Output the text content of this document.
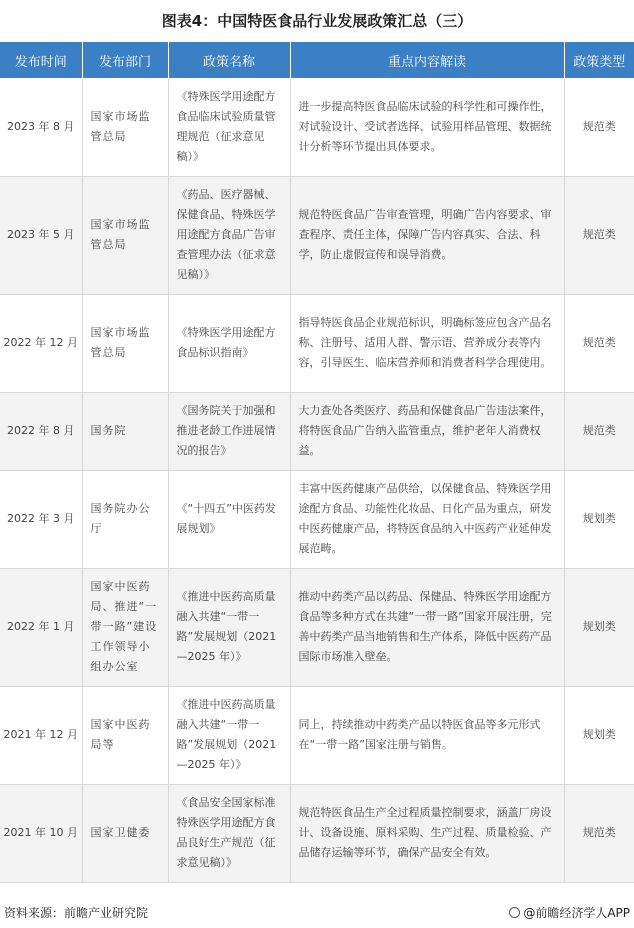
图表4：中国特医食品行业发展政策汇总（三）
发布时间	发布部门	政策名称	重点内容解读	政策类型
2023 年 8 月	国家市场监管总局	《特殊医学用途配方食品临床试验质量管理规范（征求意见稿）》	进一步提高特医食品临床试验的科学性和可操作性，对试验设计、受试者选择、试验用样品管理、数据统计分析等环节提出具体要求。	规范类
2023 年 5 月	国家市场监管总局	《药品、医疗器械、保健食品、特殊医学用途配方食品广告审查管理办法（征求意见稿）》	规范特医食品广告审查管理，明确广告内容要求、审查程序、责任主体，保障广告内容真实、合法、科学，防止虚假宣传和误导消费。	规范类
2022 年 12 月	国家市场监管总局	《特殊医学用途配方食品标识指南》	指导特医食品企业规范标识，明确标签应包含产品名称、注册号、适用人群、警示语、营养成分表等内容，引导医生、临床营养师和消费者科学合理使用。	规范类
2022 年 8 月	国务院	《国务院关于加强和推进老龄工作进展情况的报告》	大力查处各类医疗、药品和保健食品广告违法案件，将特医食品广告纳入监管重点，维护老年人消费权益。	规范类
2022 年 3 月	国务院办公厅	《“十四五”中医药发展规划》	丰富中医药健康产品供给，以保健食品、特殊医学用途配方食品、功能性化妆品、日化产品为重点，研发中医药健康产品，将特医食品纳入中医药产业延伸发展范畴。	规划类
2022 年 1 月	国家中医药局、推进“一带一路”建设工作领导小组办公室	《推进中医药高质量融入共建“一带一路”发展规划（2021—2025 年）》	推动中药类产品以药品、保健品、特殊医学用途配方食品等多种方式在共建“一带一路”国家开展注册，完善中药类产品当地销售和生产体系，降低中医药产品国际市场准入壁垒。	规划类
2021 年 12 月	国家中医药局等	《推进中医药高质量融入共建“一带一路”发展规划（2021—2025 年）》	同上，持续推动中药类产品以特医食品等多元形式在“一带一路”国家注册与销售。	规划类
2021 年 10 月	国家卫健委	《食品安全国家标准特殊医学用途配方食品良好生产规范（征求意见稿）》	规范特医食品生产全过程质量控制要求，涵盖厂房设计、设备设施、原料采购、生产过程、质量检验、产品储存运输等环节，确保产品安全有效。	规范类
资料来源：前瞻产业研究院	@前瞻经济学人APP
